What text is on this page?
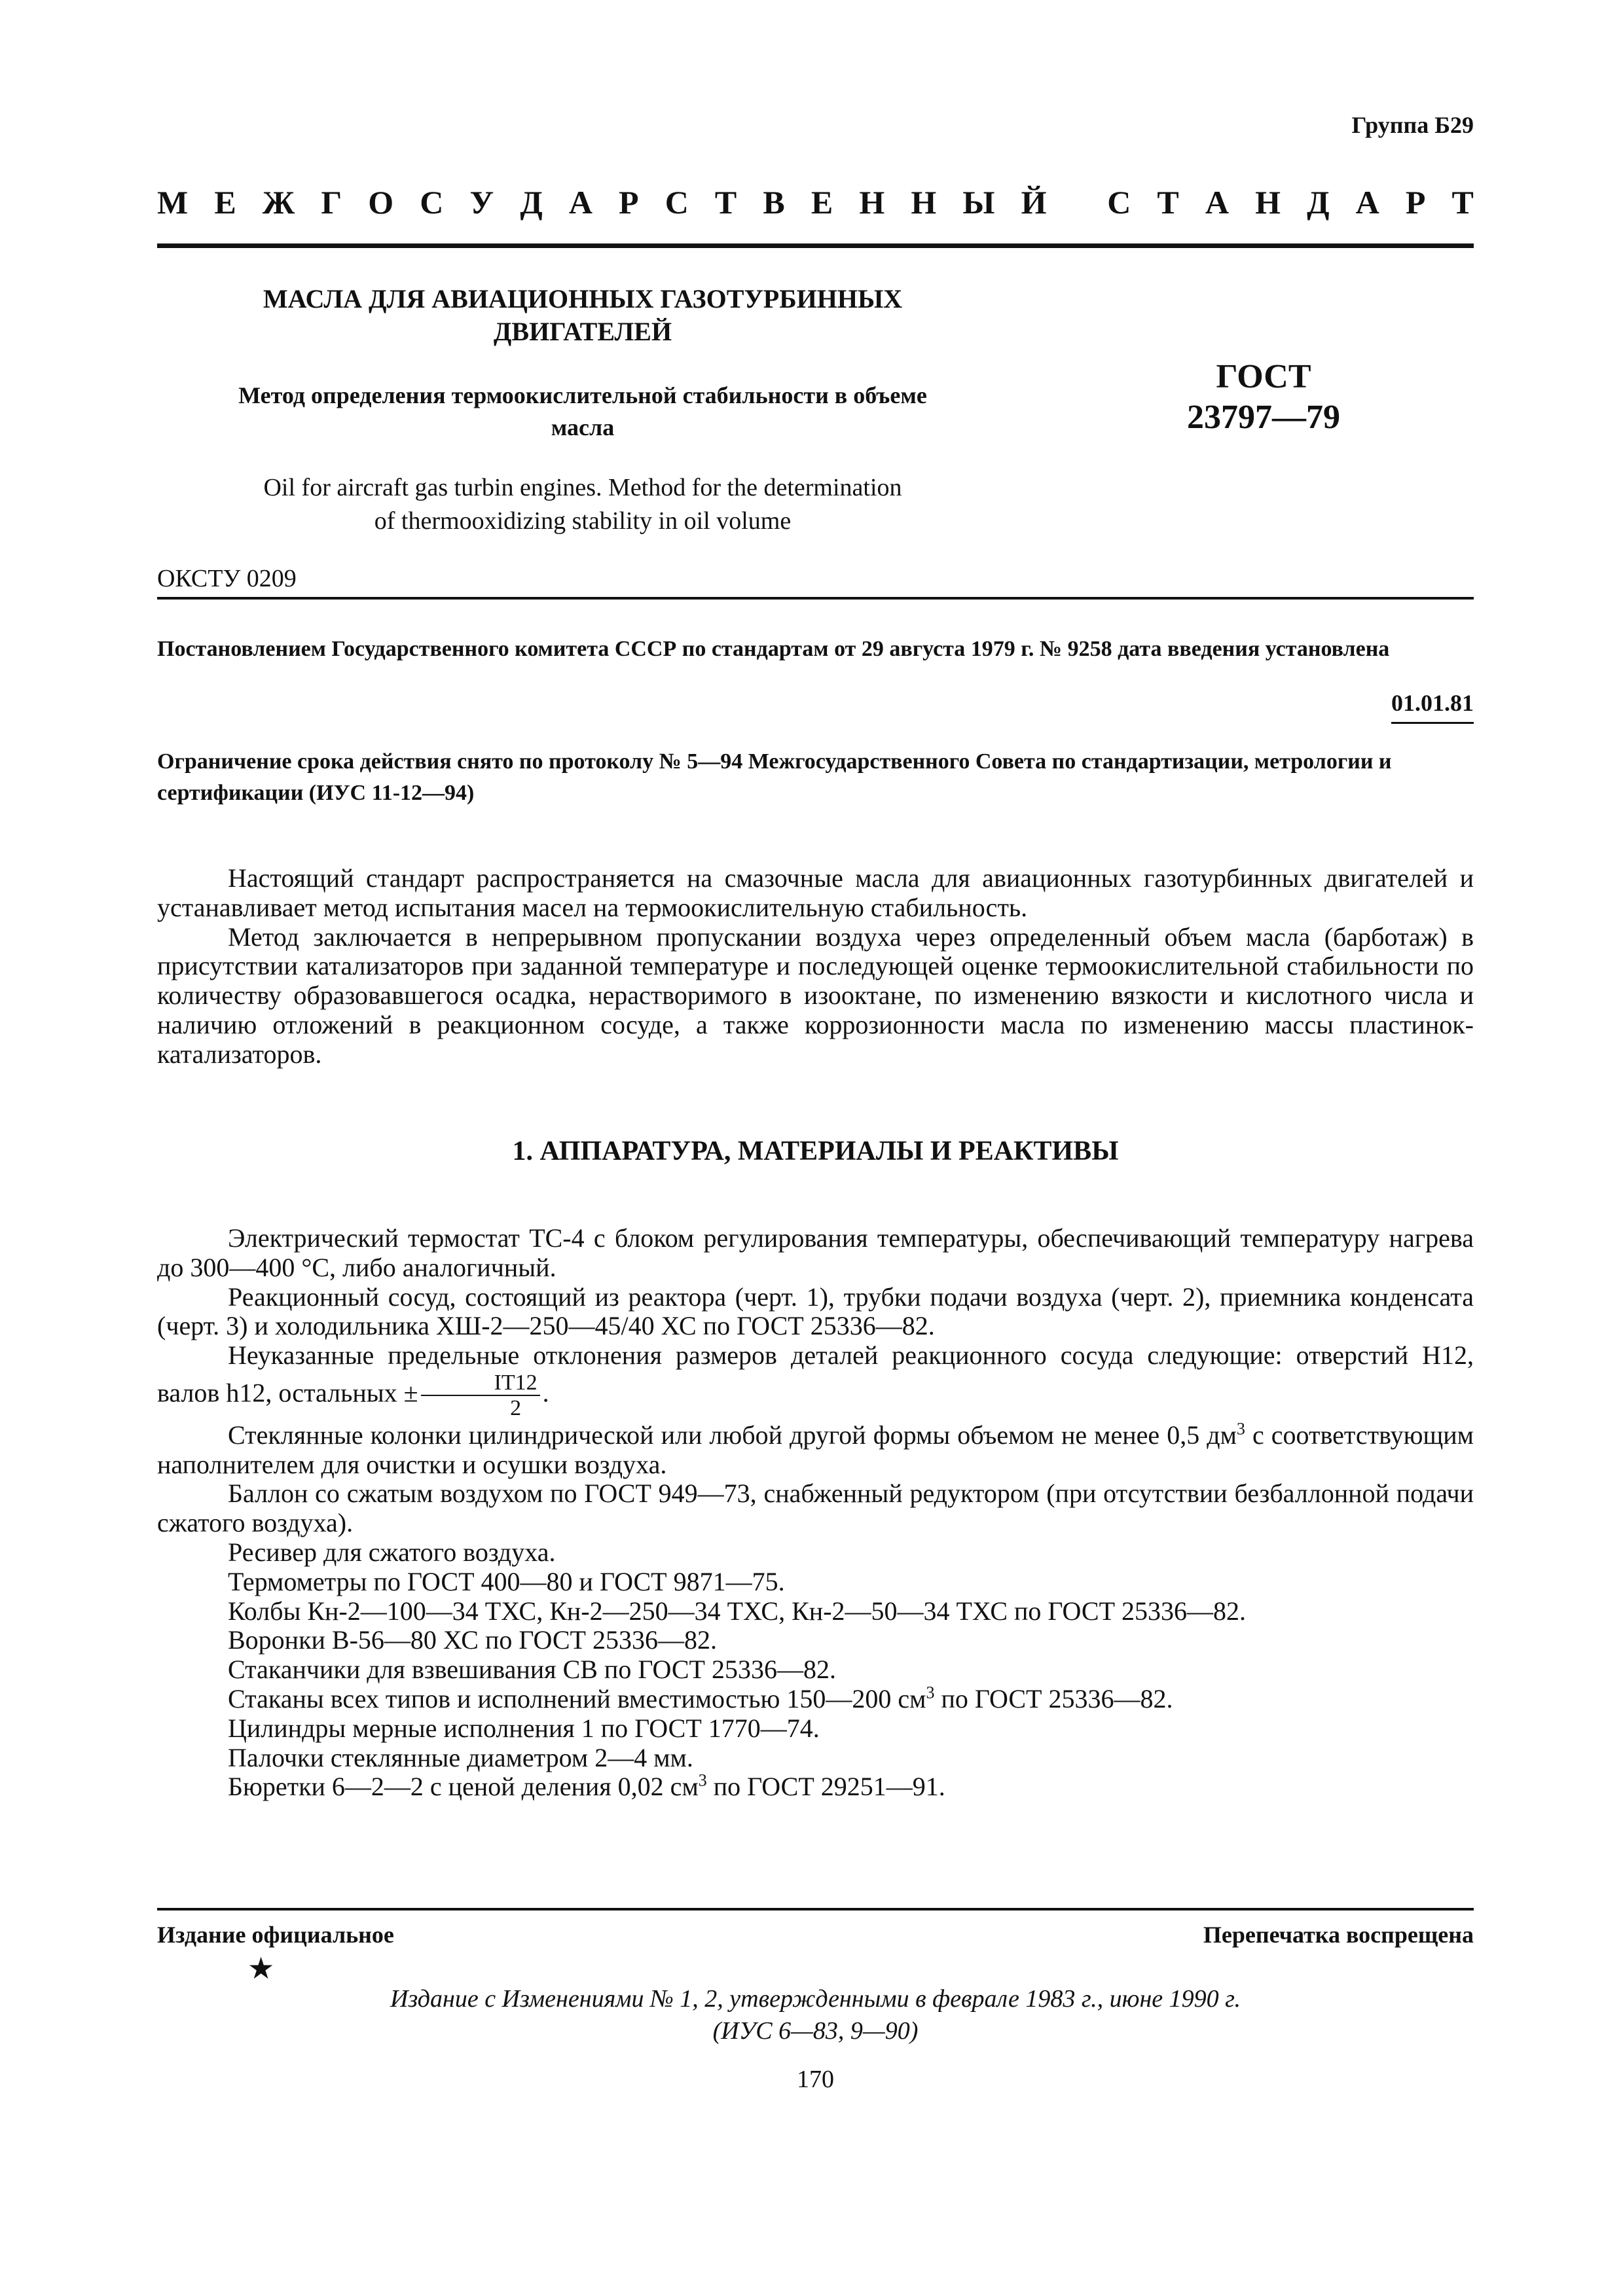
Группа Б29
М Е Ж Г О С У Д А Р С Т В Е Н Н Ы Й
С Т А Н Д А Р Т
МАСЛА ДЛЯ АВИАЦИОННЫХ ГАЗОТУРБИННЫХ
ДВИГАТЕЛЕЙ
Метод определения термоокислительной стабильности в объеме
масла
ГОСТ
23797—79
Oil for aircraft gas turbin engines. Method for the determination
of thermooxidizing stability in oil volume
ОКСТУ 0209
Постановлением Государственного комитета СССР по стандартам от 29 августа 1979 г. № 9258 дата введения установлена
01.01.81
Ограничение срока действия снято по протоколу № 5—94 Межгосударственного Совета по стандартизации, метрологии и сертификации (ИУС 11-12—94)

Настоящий стандарт распространяется на смазочные масла для авиационных газотурбинных двигателей и устанавливает метод испытания масел на термоокислительную стабильность.

Метод заключается в непрерывном пропускании воздуха через определенный объем масла (барботаж) в присутствии катализаторов при заданной температуре и последующей оценке термоокислительной стабильности по количеству образовавшегося осадка, нерастворимого в изооктане, по изменению вязкости и кислотного числа и наличию отложений в реакционном сосуде, а также коррозионности масла по изменению массы пластинок-катализаторов.

1. АППАРАТУРА, МАТЕРИАЛЫ И РЕАКТИВЫ

Электрический термостат ТС-4 с блоком регулирования температуры, обеспечивающий температуру нагрева до 300—400 °С, либо аналогичный.

Реакционный сосуд, состоящий из реактора (черт. 1), трубки подачи воздуха (черт. 2), приемника конденсата (черт. 3) и холодильника ХШ-2—250—45/40 ХС по ГОСТ 25336—82.

Неуказанные предельные отклонения размеров деталей реакционного сосуда следующие: отверстий Н12, валов h12, остальных ± $\frac{IT12}{2}$ .

Стеклянные колонки цилиндрической или любой другой формы объемом не менее 0,5 $дм^3$ с соответствующим наполнителем для очистки и осушки воздуха.

Баллон со сжатым воздухом по ГОСТ 949—73, снабженный редуктором (при отсутствии безбаллонной подачи сжатого воздуха).

Ресивер для сжатого воздуха.

Термометры по ГОСТ 400—80 и ГОСТ 9871—75.

Колбы Кн-2—100—34 ТХС, Кн-2—250—34 ТХС, Кн-2—50—34 ТХС по ГОСТ 25336—82.

Воронки В-56—80 ХС по ГОСТ 25336—82.

Стаканчики для взвешивания СВ по ГОСТ 25336—82.

Стаканы всех типов и исполнений вместимостью 150—200 $см^3$ по ГОСТ 25336—82.

Цилиндры мерные исполнения 1 по ГОСТ 1770—74.

Палочки стеклянные диаметром 2—4 мм.

Бюретки 6—2—2 с ценой деления 0,02 $см^3$ по ГОСТ 29251—91.

Издание официальное	Перепечатка воспрещена
★
Издание с Изменениями № 1, 2, утвержденными в феврале 1983 г., июне 1990 г.
(ИУС 6—83, 9—90)
170
